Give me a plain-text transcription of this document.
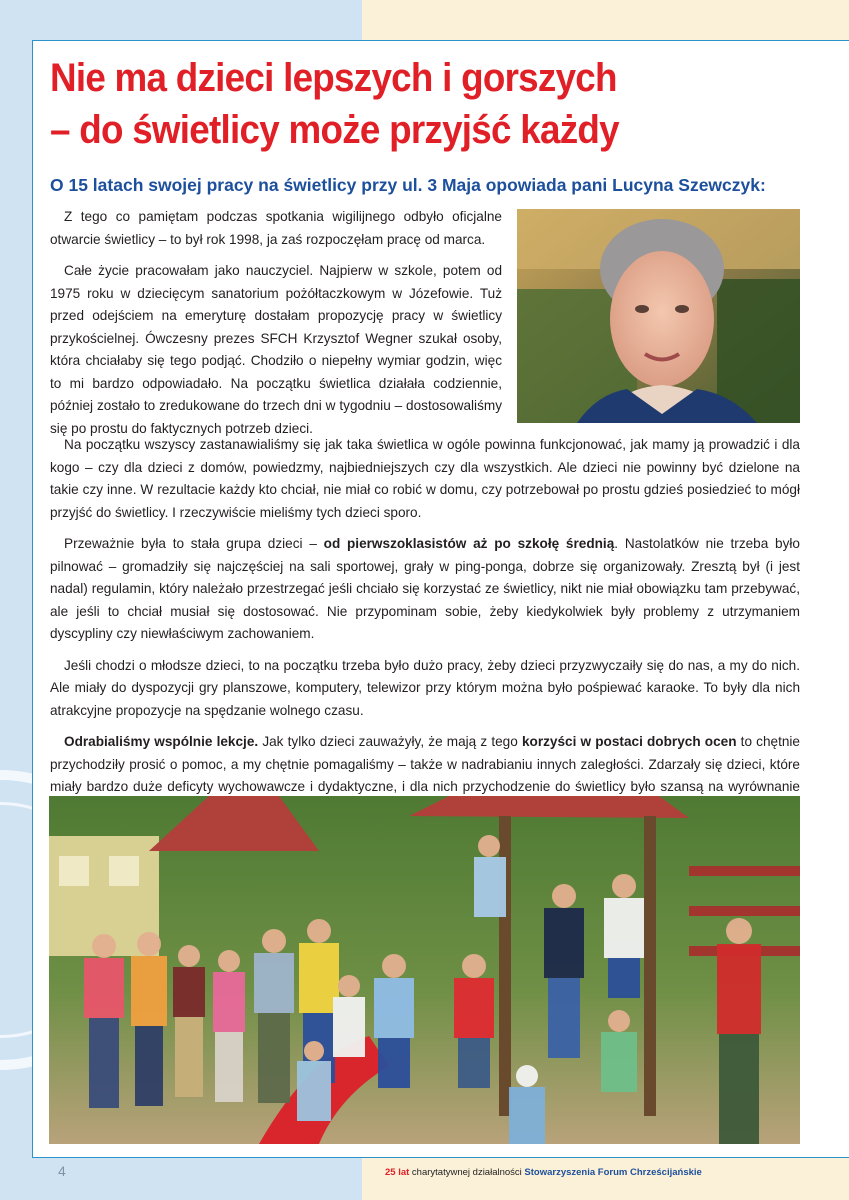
Nie ma dzieci lepszych i gorszych
– do świetlicy może przyjść każdy
O 15 latach swojej pracy na świetlicy przy ul. 3 Maja opowiada pani Lucyna Szewczyk:

Z tego co pamiętam podczas spotkania wigilijnego odbyło oficjalne otwarcie świetlicy – to był rok 1998, ja zaś rozpoczęłam pracę od marca.

Całe życie pracowałam jako nauczyciel. Najpierw w szkole, potem od 1975 roku w dziecięcym sanatorium pożółtaczkowym w Józefowie. Tuż przed odejściem na emeryturę dostałam propozycję pracy w świetlicy przykościelnej. Ówczesny prezes SFCH Krzysztof Wegner szukał osoby, która chciałaby się tego podjąć. Chodziło o niepełny wymiar godzin, więc to mi bardzo odpowiadało. Na początku świetlica działała codziennie, później zostało to zredukowane do trzech dni w tygodniu – dostosowaliśmy się po prostu do faktycznych potrzeb dzieci.

Na początku wszyscy zastanawialiśmy się jak taka świetlica w ogóle powinna funkcjonować, jak mamy ją prowadzić i dla kogo – czy dla dzieci z domów, powiedzmy, najbiedniejszych czy dla wszystkich. Ale dzieci nie powinny być dzielone na takie czy inne. W rezultacie każdy kto chciał, nie miał co robić w domu, czy potrzebował po prostu gdzieś posiedzieć to mógł przyjść do świetlicy. I rzeczywiście mieliśmy tych dzieci sporo.

Przeważnie była to stała grupa dzieci – od pierwszoklasistów aż po szkołę średnią. Nastolatków nie trzeba było pilnować – gromadziły się najczęściej na sali sportowej, grały w ping-ponga, dobrze się organizowały. Zresztą był (i jest nadal) regulamin, który należało przestrzegać jeśli chciało się korzystać ze świetlicy, nikt nie miał obowiązku tam przebywać, ale jeśli to chciał musiał się dostosować. Nie przypominam sobie, żeby kiedykolwiek były problemy z utrzymaniem dyscypliny czy niewłaściwym zachowaniem.

Jeśli chodzi o młodsze dzieci, to na początku trzeba było dużo pracy, żeby dzieci przyzwyczaiły się do nas, a my do nich. Ale miały do dyspozycji gry planszowe, komputery, telewizor przy którym można było pośpiewać karaoke. To były dla nich atrakcyjne propozycje na spędzanie wolnego czasu.

Odrabialiśmy wspólnie lekcje. Jak tylko dzieci zauważyły, że mają z tego korzyści w postaci dobrych ocen to chętnie przychodziły prosić o pomoc, a my chętnie pomagaliśmy – także w nadrabianiu innych zaległości. Zdarzały się dzieci, które miały bardzo duże deficyty wychowawcze i dydaktyczne, i dla nich przychodzenie do świetlicy było szansą na wyrównanie

4	25 lat charytatywnej działalności Stowarzyszenia Forum Chrześcijańskie
